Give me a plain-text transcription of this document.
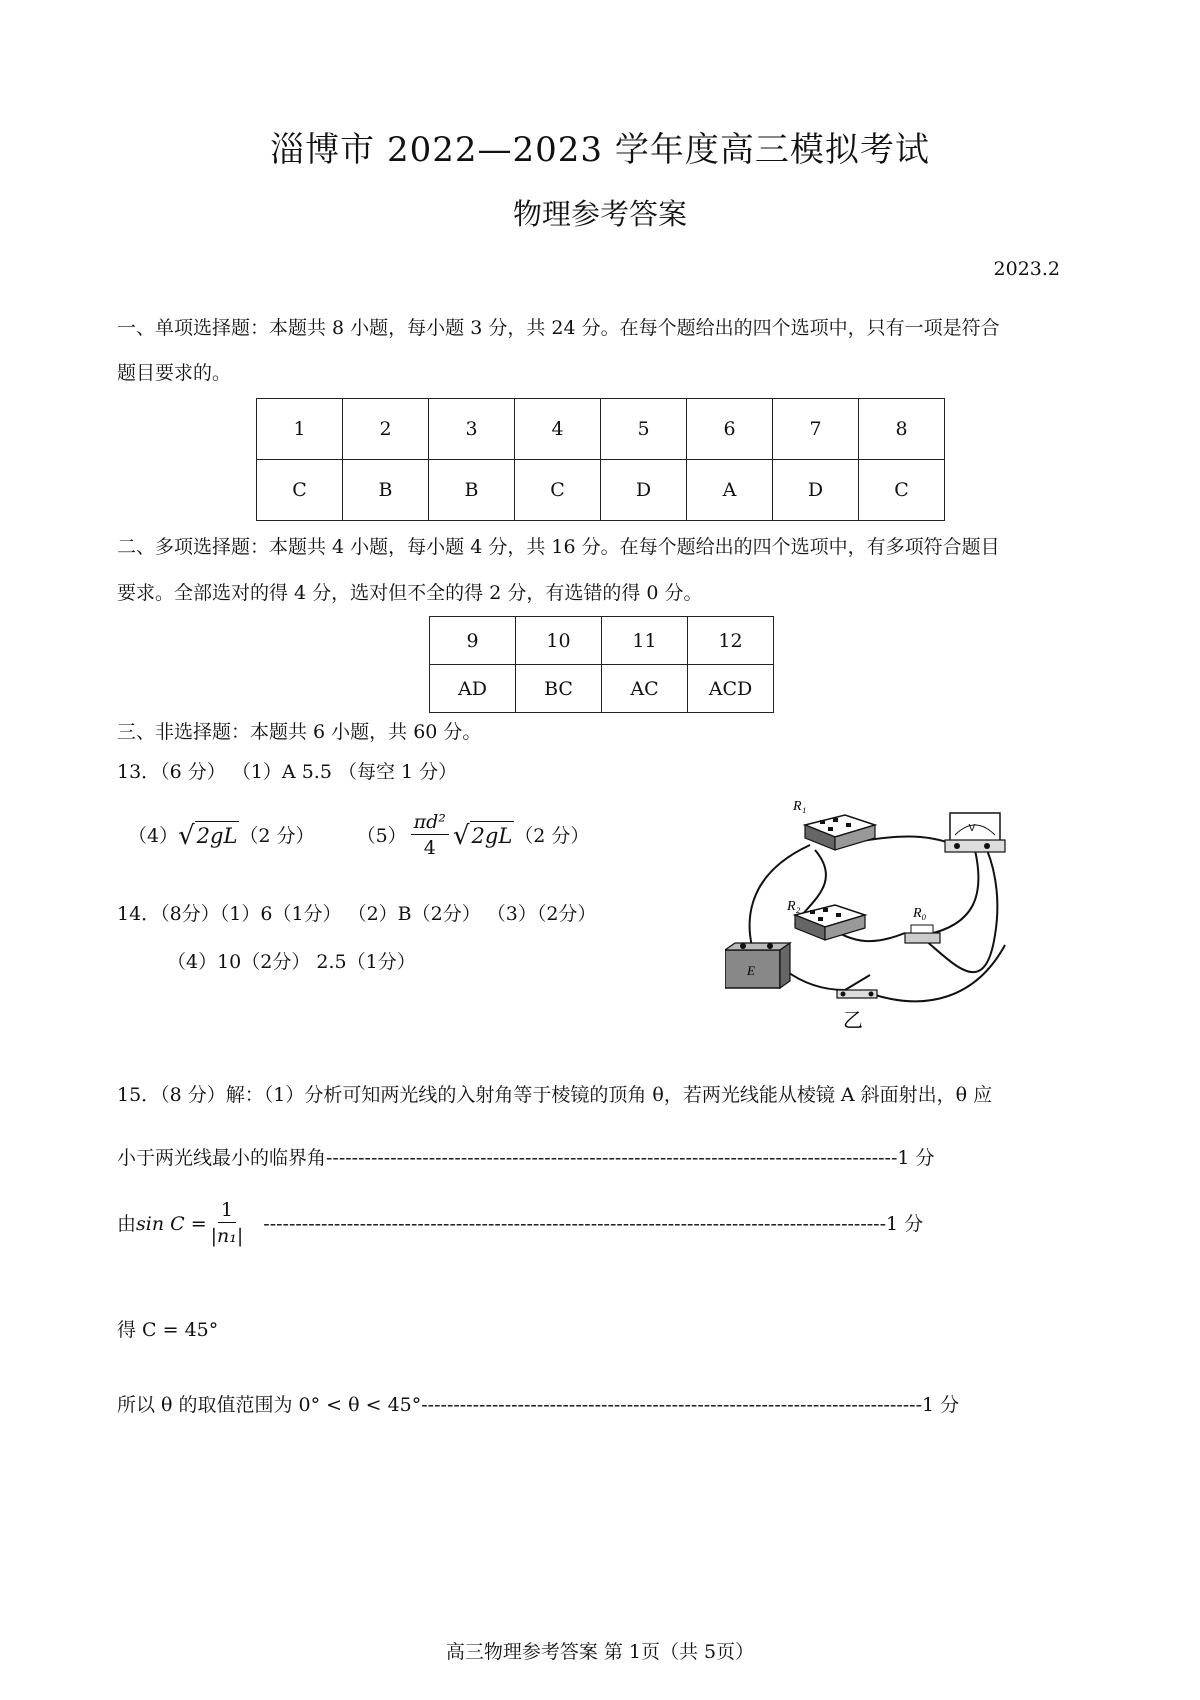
淄博市 2022—2023 学年度高三模拟考试
物理参考答案
2023.2
一、单项选择题：本题共 8 小题，每小题 3 分，共 24 分。在每个题给出的四个选项中，只有一项是符合
题目要求的。
1	2	3	4	5	6	7	8
C	B	B	C	D	A	D	C
二、多项选择题：本题共 4 小题，每小题 4 分，共 16 分。在每个题给出的四个选项中，有多项符合题目
要求。全部选对的得 4 分，选对但不全的得 2 分，有选错的得 0 分。
9	10	11	12
AD	BC	AC	ACD
三、非选择题：本题共 6 小题，共 60 分。
13．（6 分） （1）A 5.5 （每空 1 分）
（4） √ 2gL （2 分） $(5) \frac{\text{πd²}}{4}$ √ 2gL （2 分）
14．（8分）（1）6（1分） （2）B（2分） （3）（2分）
（4）10（2分） 2.5（1分）
R₁
V
R₂	R₀
E
乙
15．（8 分）解：（1）分析可知两光线的入射角等于棱镜的顶角 θ，若两光线能从棱镜 A 斜面射出，θ 应
小于两光线最小的临界角-----------------------------------------------------------------------------------------1 分
由 $\sin C = \frac{1}{\text{|n₁|}} -------------------------------------------------------------------------------------------------1$ 分
得 C = 45°
所以 θ 的取值范围为 0° < θ < 45°------------------------------------------------------------------------------1 分
高三物理参考答案 第 1页（共 5页）
